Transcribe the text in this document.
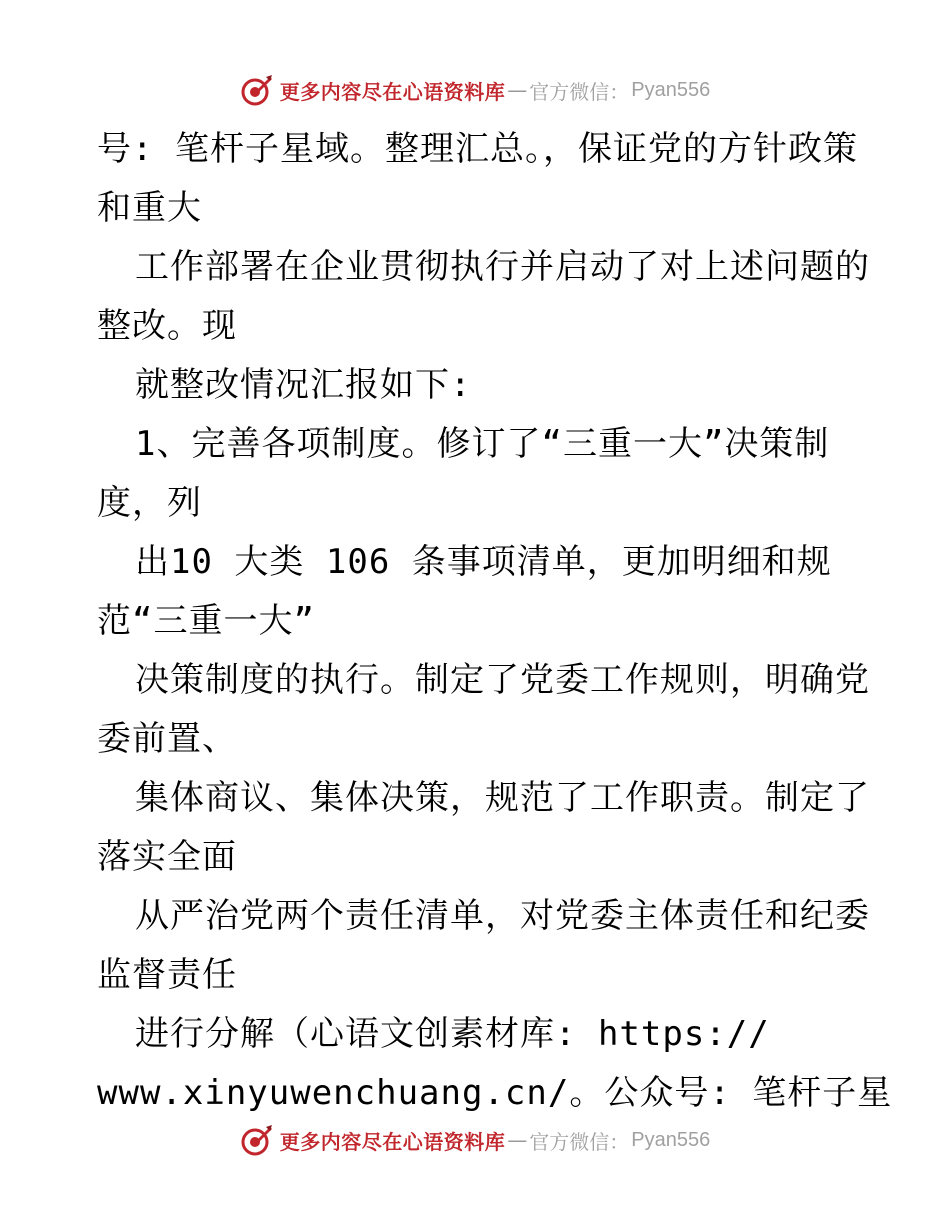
更多内容尽在心语资料库 — 官方微信： Pyan556
号: 笔杆子星域。整理汇总。，保证党的方针政策
和重大
工作部署在企业贯彻执行并启动了对上述问题的
整改。现
就整改情况汇报如下:
1、完善各项制度。修订了“三重一大”决策制
度，列
出10 大类 106 条事项清单，更加明细和规
范“三重一大”
决策制度的执行。制定了党委工作规则，明确党
委前置、
集体商议、集体决策，规范了工作职责。制定了
落实全面
从严治党两个责任清单，对党委主体责任和纪委
监督责任
进行分解（心语文创素材库: https://
www.xinyuwenchuang.cn/。公众号: 笔杆子星
更多内容尽在心语资料库 — 官方微信： Pyan556
